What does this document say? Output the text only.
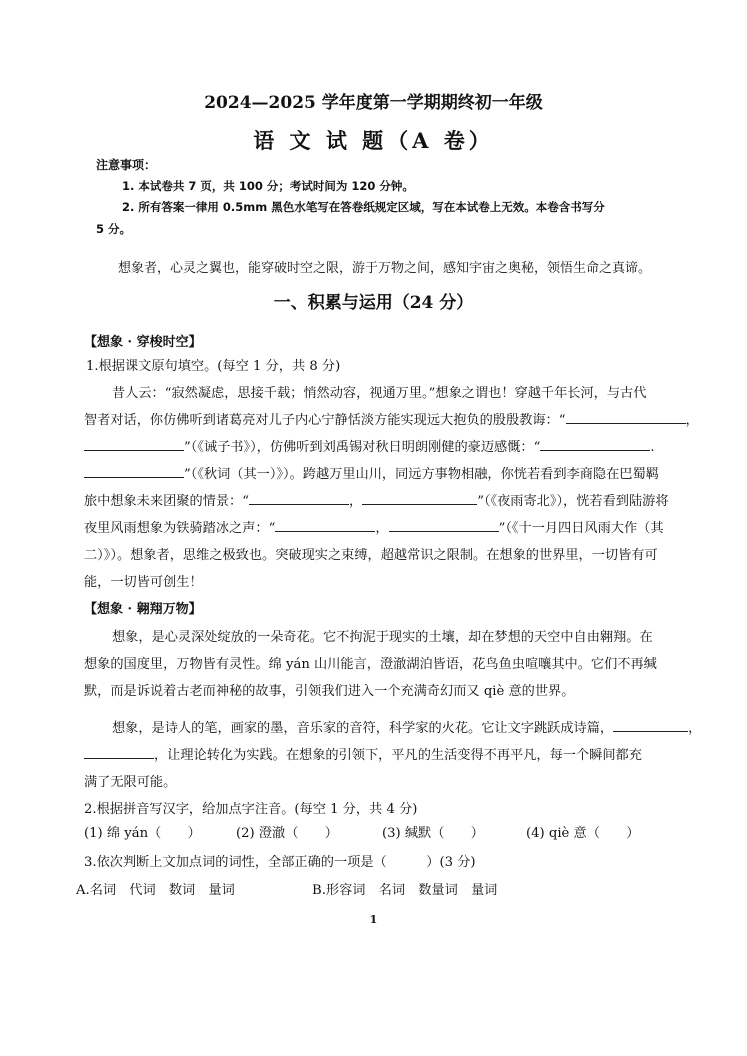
2024—2025 学年度第一学期期终初一年级
语 文 试 题（A 卷）
注意事项：
1. 本试卷共 7 页，共 100 分；考试时间为 120 分钟。
2. 所有答案一律用 0.5mm 黑色水笔写在答卷纸规定区域，写在本试卷上无效。本卷含书写分
5 分。
想象者，心灵之翼也，能穿破时空之限，游于万物之间，感知宇宙之奥秘，领悟生命之真谛。
一、积累与运用（24 分）
【想象 · 穿梭时空】
1.根据课文原句填空。(每空 1 分，共 8 分)
昔人云：“寂然凝虑，思接千载；悄然动容，视通万里。”想象之谓也！穿越千年长河，与古代
智者对话，你仿佛听到诸葛亮对儿子内心宁静恬淡方能实现远大抱负的殷殷教诲：“	，
”（《诫子书》），仿佛听到刘禹锡对秋日明朗刚健的豪迈感慨：“	.
”（《秋词（其一）》）。跨越万里山川，同远方事物相融，你恍若看到李商隐在巴蜀羁
旅中想象未来团聚的情景：“	，	”（《夜雨寄北》），恍若看到陆游将
夜里风雨想象为铁骑踏冰之声：“	，	”（《十一月四日风雨大作（其
二）》）。想象者，思维之极致也。突破现实之束缚，超越常识之限制。在想象的世界里，一切皆有可
能，一切皆可创生！
【想象 · 翱翔万物】
想象，是心灵深处绽放的一朵奇花。它不拘泥于现实的土壤，却在梦想的天空中自由翱翔。在
想象的国度里，万物皆有灵性。绵 yán 山川能言，澄澈湖泊皆语，花鸟鱼虫喧嚷其中。它们不再缄
默，而是诉说着古老而神秘的故事，引领我们进入一个充满奇幻而又 qiè 意的世界。
想象，是诗人的笔，画家的墨，音乐家的音符，科学家的火花。它让文字跳跃成诗篇，	，
，让理论转化为实践。在想象的引领下，平凡的生活变得不再平凡，每一个瞬间都充
满了无限可能。
2.根据拼音写汉字，给加点字注音。(每空 1 分，共 4 分)
(1) 绵 yán（　　）	(2) 澄澈（　　）	(3) 缄默（　　）	(4) qiè 意（　　）
3.依次判断上文加点词的词性，全部正确的一项是（　　　）(3 分)
A.名词　代词　数词　量词	B.形容词　名词　数量词　量词
1
